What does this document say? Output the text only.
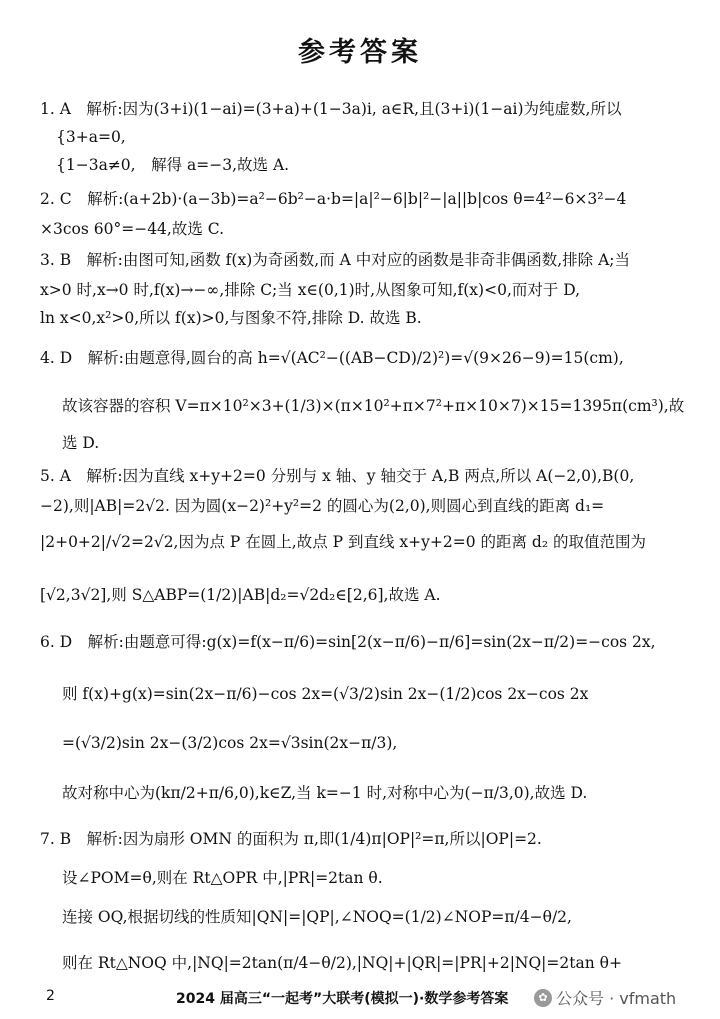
参考答案
1. A　解析:因为(3+i)(1−ai)=(3+a)+(1−3a)i, a∈R,且(3+i)(1−ai)为纯虚数,所以
{3+a=0,
{1−3a≠0,　解得 a=−3,故选 A.
2. C　解析:(a+2b)·(a−3b)=a²−6b²−a·b=|a|²−6|b|²−|a||b|cos θ=4²−6×3²−4
×3cos 60°=−44,故选 C.
3. B　解析:由图可知,函数 f(x)为奇函数,而 A 中对应的函数是非奇非偶函数,排除 A;当
x>0 时,x→0 时,f(x)→−∞,排除 C;当 x∈(0,1)时,从图象可知,f(x)<0,而对于 D,
ln x<0,x²>0,所以 f(x)>0,与图象不符,排除 D. 故选 B.
4. D　解析:由题意得,圆台的高 h=√(AC²−((AB−CD)/2)²)=√(9×26−9)=15(cm),
故该容器的容积 V=π×10²×3+(1/3)×(π×10²+π×7²+π×10×7)×15=1395π(cm³),故
选 D.
5. A　解析:因为直线 x+y+2=0 分别与 x 轴、y 轴交于 A,B 两点,所以 A(−2,0),B(0,
−2),则|AB|=2√2. 因为圆(x−2)²+y²=2 的圆心为(2,0),则圆心到直线的距离 d₁=
|2+0+2|/√2=2√2,因为点 P 在圆上,故点 P 到直线 x+y+2=0 的距离 d₂ 的取值范围为
[√2,3√2],则 S△ABP=(1/2)|AB|d₂=√2d₂∈[2,6],故选 A.
6. D　解析:由题意可得:g(x)=f(x−π/6)=sin[2(x−π/6)−π/6]=sin(2x−π/2)=−cos 2x,
则 f(x)+g(x)=sin(2x−π/6)−cos 2x=(√3/2)sin 2x−(1/2)cos 2x−cos 2x
=(√3/2)sin 2x−(3/2)cos 2x=√3sin(2x−π/3),
故对称中心为(kπ/2+π/6,0),k∈Z,当 k=−1 时,对称中心为(−π/3,0),故选 D.
7. B　解析:因为扇形 OMN 的面积为 π,即(1/4)π|OP|²=π,所以|OP|=2.
设∠POM=θ,则在 Rt△OPR 中,|PR|=2tan θ.
连接 OQ,根据切线的性质知|QN|=|QP|,∠NOQ=(1/2)∠NOP=π/4−θ/2,
则在 Rt△NOQ 中,|NQ|=2tan(π/4−θ/2),|NQ|+|QR|=|PR|+2|NQ|=2tan θ+
2	2024 届高三“一起考”大联考(模拟一)·数学参考答案	✿ 公众号 · vfmath
